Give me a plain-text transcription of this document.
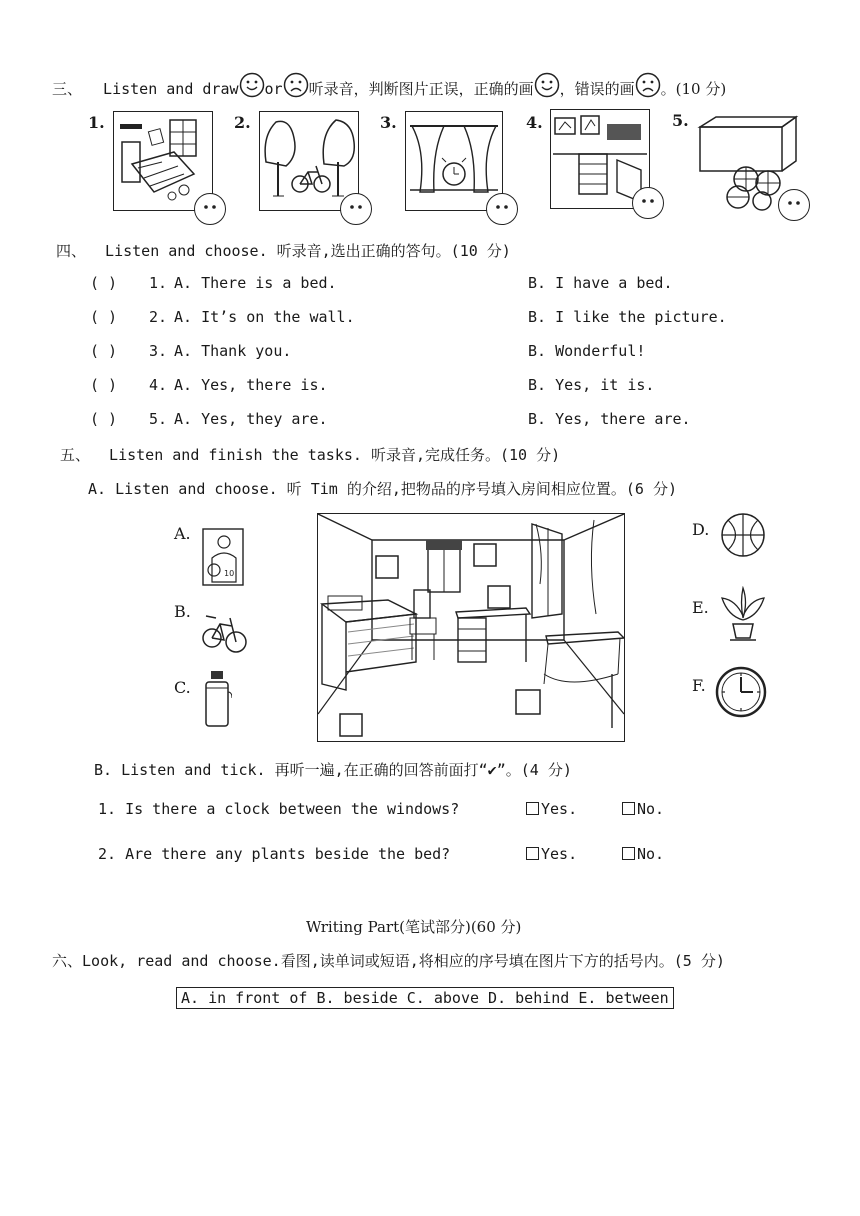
三、 Listen and draw or 听录音，判断图片正误，正确的画 ，错误的画 。(10 分)
1.	2.	3.	4.	5.
四、 Listen and choose. 听录音,选出正确的答句。(10 分)
( ) 1. A. There is a bed.	B. I have a bed.
( ) 2. A. It’s on the wall.	B. I like the picture.
( ) 3. A. Thank you.	B. Wonderful!
( ) 4. A. Yes, there is.	B. Yes, it is.
( ) 5. A. Yes, they are.	B. Yes, there are.
五、 Listen and finish the tasks. 听录音,完成任务。(10 分)
A. Listen and choose. 听 Tim 的介绍,把物品的序号填入房间相应位置。(6 分)
A.
10
B.
C.
D.
E.
F.
B. Listen and tick. 再听一遍,在正确的回答前面打“✔”。(4 分)
1. Is there a clock between the windows?	Yes.	No.
2. Are there any plants beside the bed?	Yes.	No.
Writing Part(笔试部分)(60 分)
六、Look, read and choose.看图,读单词或短语,将相应的序号填在图片下方的括号内。(5 分)
A. in front of B. beside C. above D. behind E. between
